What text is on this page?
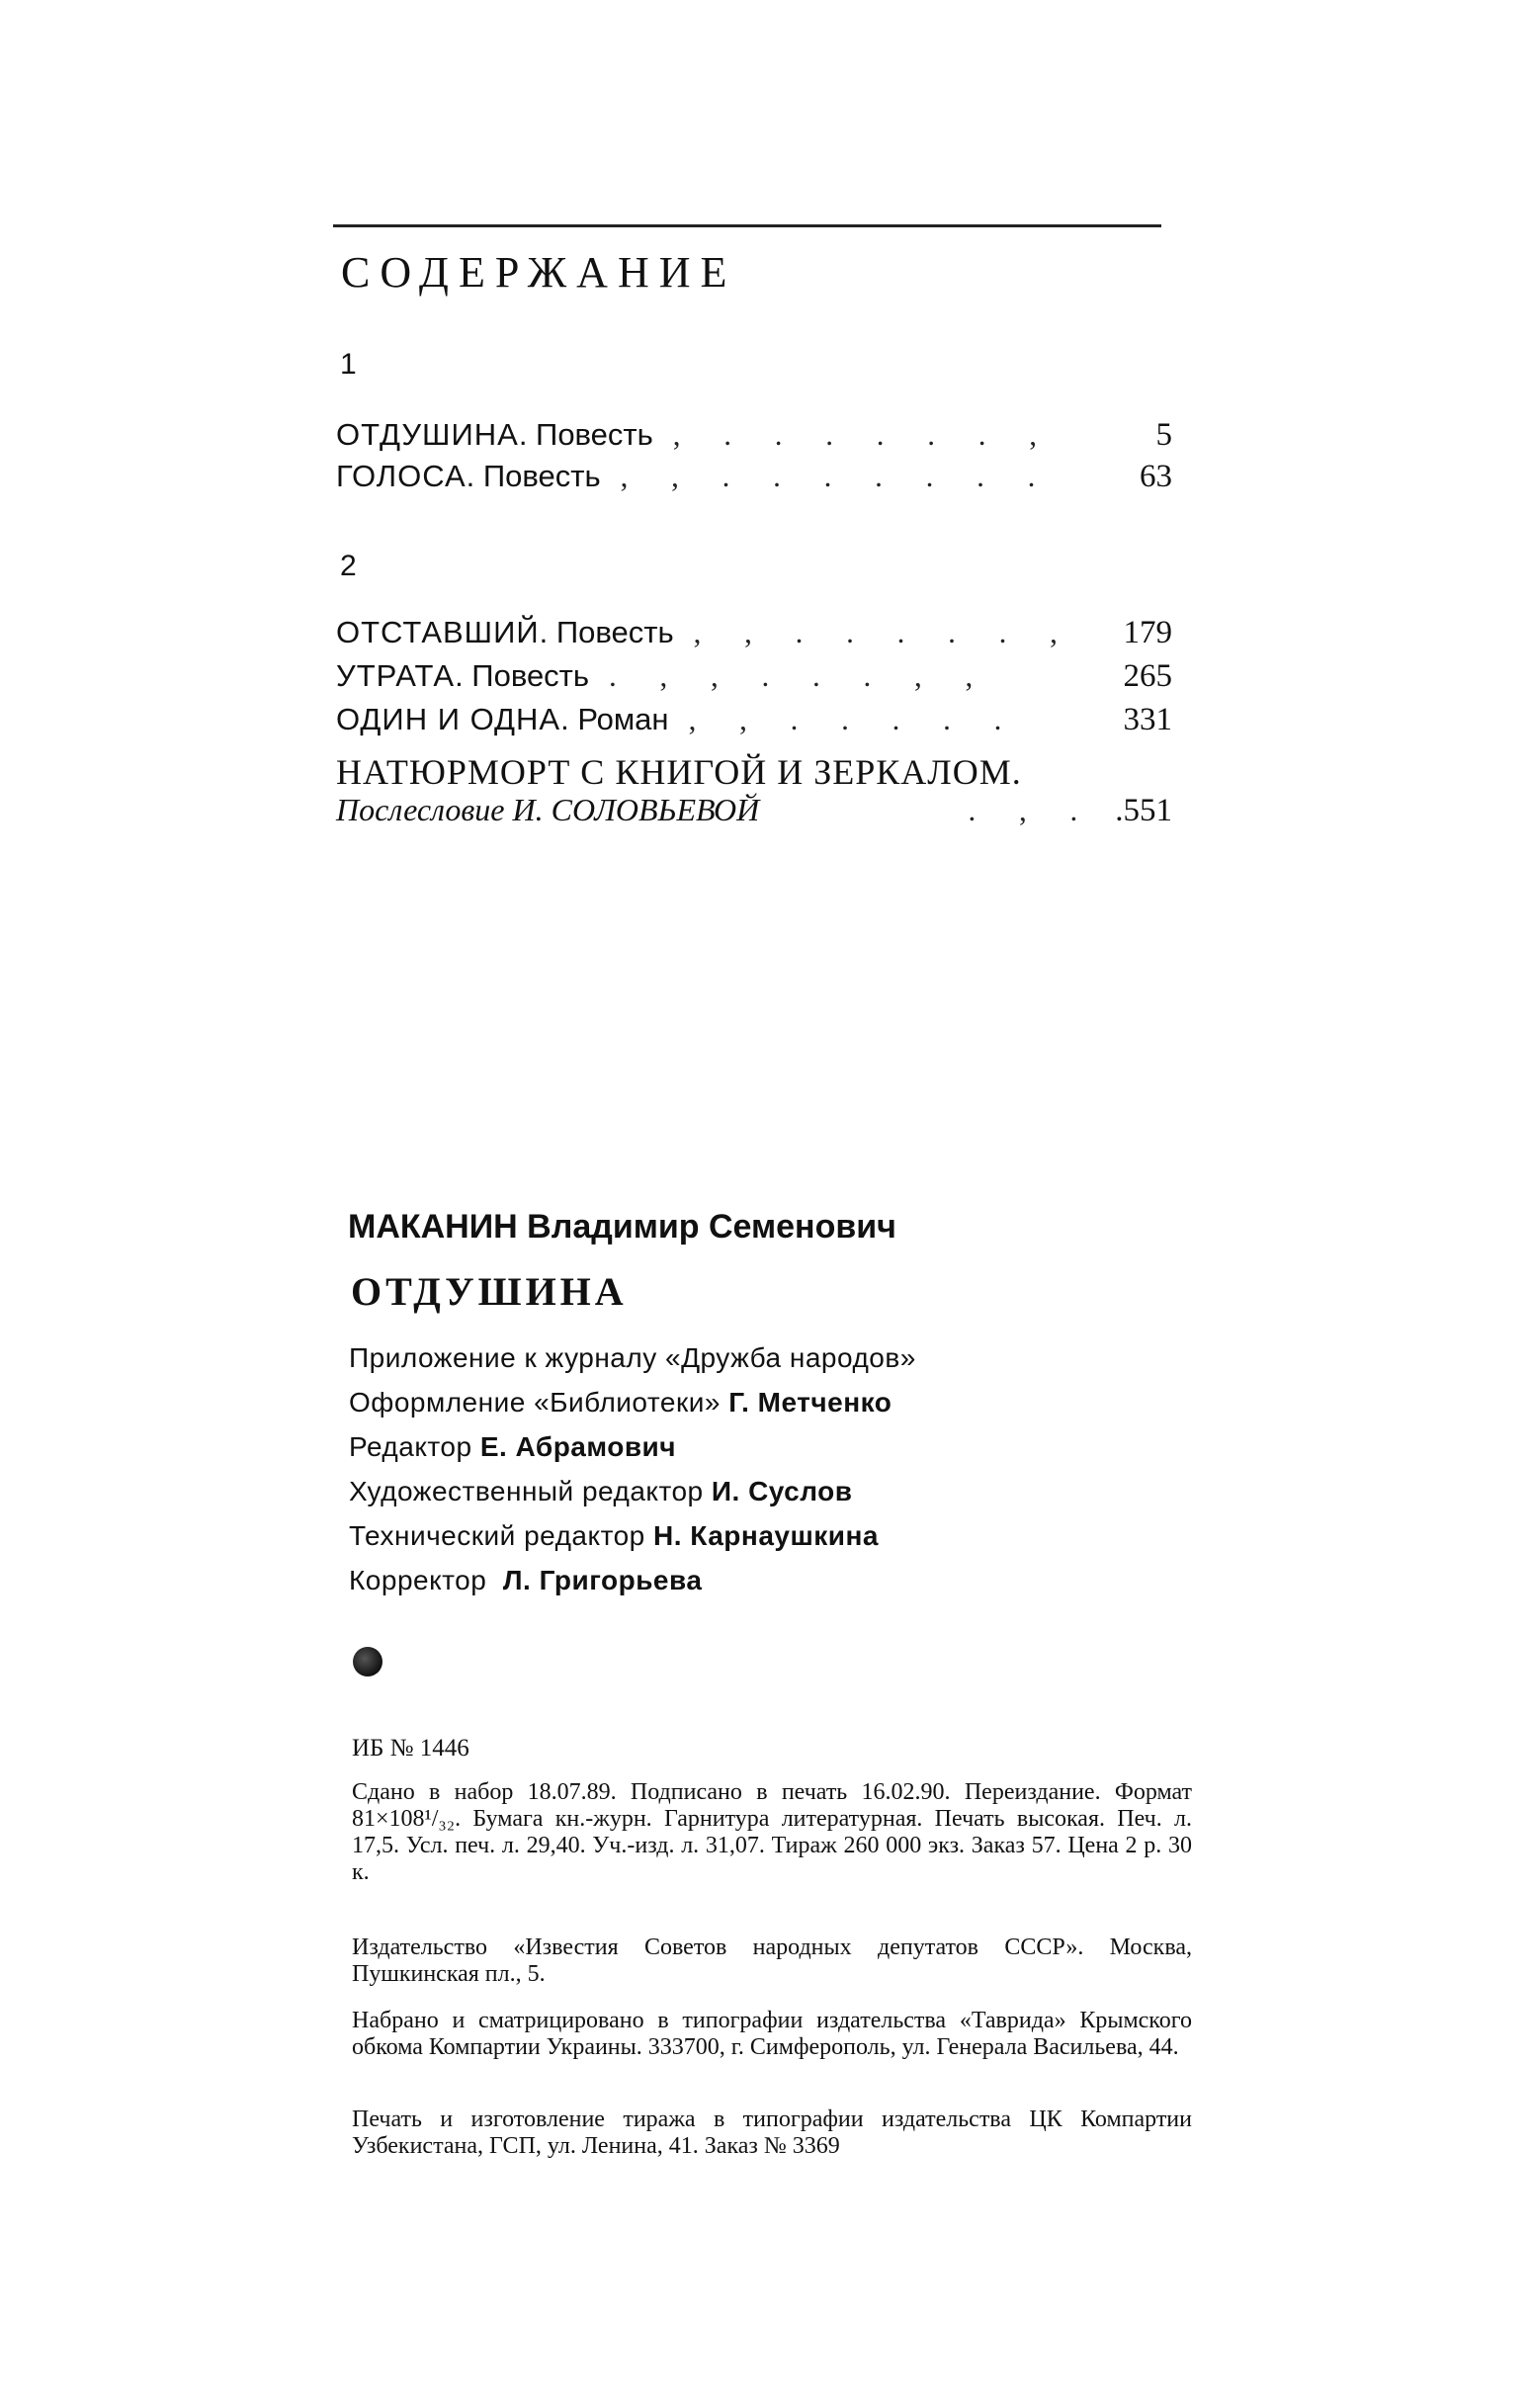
СОДЕРЖАНИЕ
1
ОТДУШИНА. Повесть , . . . . . . ,	5
ГОЛОСА. Повесть , , . . . . . . .	63
2
ОТСТАВШИЙ. Повесть , , . . . . . ,	179
УТРАТА. Повесть . , , . . . , ,	265
ОДИН И ОДНА. Роман , , . . . . .	331
НАТЮРМОРТ С КНИГОЙ И ЗЕРКАЛОМ.
Послесловие И. СОЛОВЬЕВОЙ	. , . .551
МАКАНИН Владимир Семенович
ОТДУШИНА
Приложение к журналу «Дружба народов»
Оформление «Библиотеки» Г. Метченко
Редактор Е. Абрамович
Художественный редактор И. Суслов
Технический редактор Н. Карнаушкина
Корректор Л. Григорьева
ИБ № 1446

Сдано в набор 18.07.89. Подписано в печать 16.02.90. Переиздание. Формат 81×108¹/₃₂. Бумага кн.-журн. Гарнитура литературная. Печать высокая. Печ. л. 17,5. Усл. печ. л. 29,40. Уч.-изд. л. 31,07. Тираж 260 000 экз. Заказ 57. Цена 2 р. 30 к.

Издательство «Известия Советов народных депутатов СССР». Москва, Пушкинская пл., 5.

Набрано и сматрицировано в типографии издательства «Таврида» Крымского обкома Компартии Украины. 333700, г. Симферополь, ул. Генерала Васильева, 44.

Печать и изготовление тиража в типографии издательства ЦК Компартии Узбекистана, ГСП, ул. Ленина, 41. Заказ № 3369
